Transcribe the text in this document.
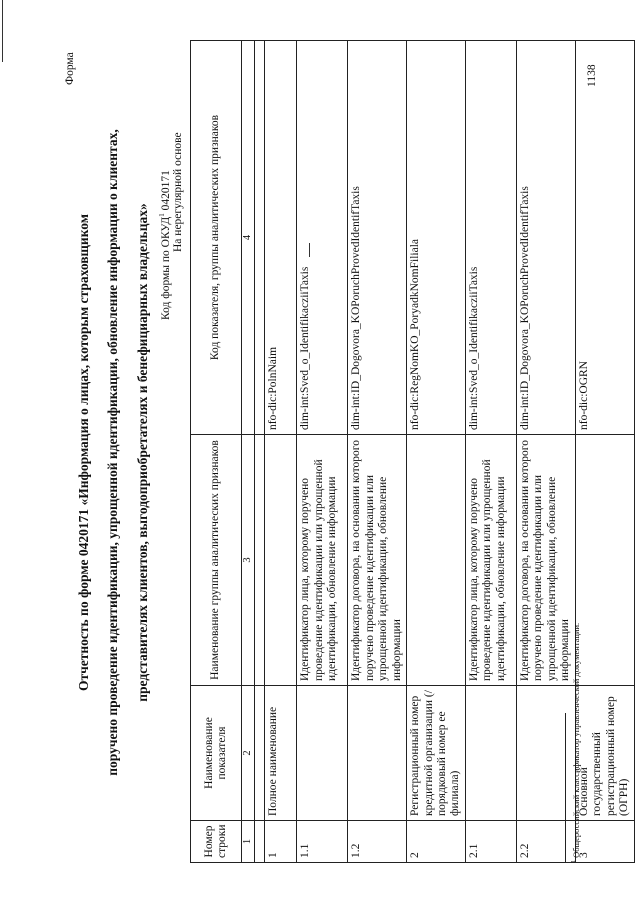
Форма
Отчетность по форме 0420171 «Информация о лицах, которым страховщиком поручено проведение идентификации, упрощенной идентификации, обновление информации о клиентах, представителях клиентов, выгодоприобретателях и бенефициарных владельцах» Код формы по ОКУД$^1$ 0420171 На нерегулярной основе
Номер строки	Наименование показателя	Наименование группы аналитических признаков	Код показателя, группы аналитических признаков
1	2	3	4

1	Полное наименование		nfo-dic:PolnNaim
1.1		Идентификатор лица, которому поручено проведение идентификации или упрощенной идентификации, обновление информации	dim-int:Sved_o_IdentifikacziiTaxis
1.2		Идентификатор договора, на основании которого поручено проведение идентификации или упрощенной идентификации, обновление информации	dim-int:ID_Dogovora_KOPoruchProvedIdentifTaxis
2	Регистрационный номер кредитной организации (/порядковый номер ее филиала)		nfo-dic:RegNomKO_PoryadkNomFiliala
2.1		Идентификатор лица, которому поручено проведение идентификации или упрощенной идентификации, обновление информации	dim-int:Sved_o_IdentifikacziiTaxis
2.2		Идентификатор договора, на основании которого поручено проведение идентификации или упрощенной идентификации, обновление информации	dim-int:ID_Dogovora_KOPoruchProvedIdentifTaxis
3	Основной государственный регистрационный номер (ОГРН)		nfo-dic:OGRN
$^1$ Общероссийский классификатор управленческой документации.
1138
